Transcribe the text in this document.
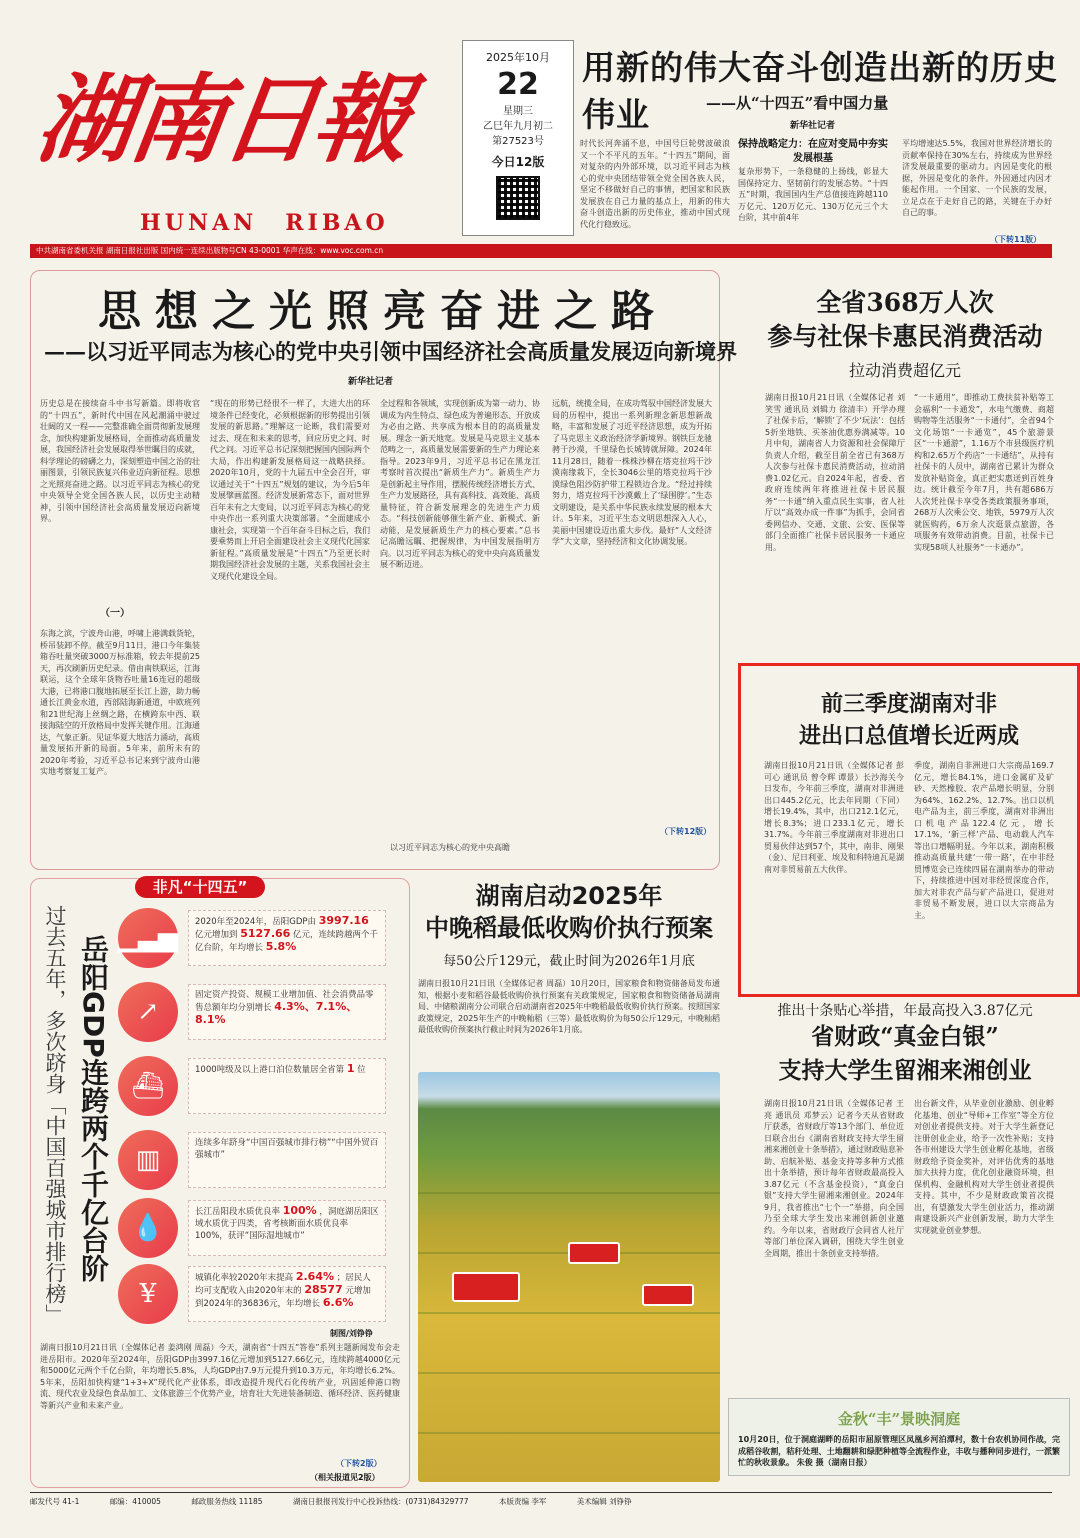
湖南日報
HUNAN RIBAO
2025年10月
22
星期三
乙巳年九月初二
第27523号
今日12版
中共湖南省委机关报 湖南日报社出版 国内统一连续出版物号CN 43-0001 华声在线：www.voc.com.cn
用新的伟大奋斗创造出新的历史伟业	——从“十四五”看中国力量
新华社记者
时代长河奔涌不息，中国号巨轮劈波破浪又一个不平凡的五年。“十四五”期间，面对复杂的内外部环境，以习近平同志为核心的党中央团结带领全党全国各族人民，坚定不移做好自己的事情，把国家和民族发展放在自己力量的基点上，用新的伟大奋斗创造出新的历史伟业，推动中国式现代化行稳致远。
保持战略定力：在应对变局中夯实发展根基
复杂形势下，一条稳健的上扬线，彰显大国保持定力、坚韧前行的发展态势。“十四五”时期，我国国内生产总值接连跨越110万亿元、120万亿元、130万亿元三个大台阶，其中前4年
平均增速达5.5%，我国对世界经济增长的贡献率保持在30%左右，持续成为世界经济发展最重要的驱动力。内因是变化的根据，外因是变化的条件。外因通过内因才能起作用。一个国家、一个民族的发展，立足点在于走好自己的路，关键在于办好自己的事。
（下转11版）
思想之光照亮奋进之路
——以习近平同志为核心的党中央引领中国经济社会高质量发展迈向新境界
新华社记者
历史总是在接续奋斗中书写新篇。即将收官的“十四五”，新时代中国在风起潮涌中驶过壮阔的又一程——完整准确全面贯彻新发展理念，加快构建新发展格局，全面推动高质量发展，我国经济社会发展取得举世瞩目的成就，科学理论的磅礴之力，深刻塑造中国之治的壮丽图景，引领民族复兴伟业迈向新征程。思想之光照亮奋进之路。以习近平同志为核心的党中央领导全党全国各族人民，以历史主动精神，引领中国经济社会高质量发展迈向新境界。
（一）
东海之滨，宁波舟山港，呼啸上港满载货轮，桥吊装卸不停。截至9月11日，港口今年集装箱吞吐量突破3000万标准箱，较去年提前25天，再次刷新历史纪录。借由南铁联运，江海联运，这个全球年货物吞吐量16连冠的超级大港，已将港口腹地拓展至长江上游，助力畅通长江黄金水道，西部陆海新通道，中欧班列和21世纪海上丝绸之路，在横跨东中西、联接海陆空的开放格局中发挥关键作用。江海通达，气象正新。见证华夏大地活力涌动，高质量发展拓开新的局面。5年来，前所未有的2020年考验，习近平总书记来到宁波舟山港实地考察复工复产。
“现在的形势已经很不一样了，大进大出的环境条件已经变化，必须根据新的形势提出引领发展的新思路。”理解这一论断，我们需要对过去、现在和未来的思考，回应历史之问、时代之问。习近平总书记深刻把握国内国际两个大局，作出构建新发展格局这一战略抉择。2020年10月，党的十九届五中全会召开，审议通过关于“十四五”规划的建议，为今后5年发展擘画蓝图。经济发展新常态下，面对世界百年未有之大变局，以习近平同志为核心的党中央作出一系列重大决策部署。“全面建成小康社会，实现第一个百年奋斗目标之后，我们要乘势而上开启全面建设社会主义现代化国家新征程。”高质量发展是“十四五”乃至更长时期我国经济社会发展的主题，关系我国社会主义现代化建设全局。
全过程和各领域，实现创新成为第一动力、协调成为内生特点、绿色成为普遍形态、开放成为必由之路、共享成为根本目的的高质量发展。理念一新天地宽。发展是马克思主义基本范畴之一，高质量发展需要新的生产力理论来指导。2023年9月，习近平总书记在黑龙江考察时首次提出“新质生产力”。新质生产力是创新起主导作用，摆脱传统经济增长方式、生产力发展路径，具有高科技、高效能、高质量特征，符合新发展理念的先进生产力质态。“科技创新能够催生新产业、新模式、新动能，是发展新质生产力的核心要素。”总书记高瞻远瞩、把握规律，为中国发展指明方向。以习近平同志为核心的党中央向高质量发展不断迈进。
远航，统揽全局，在成功驾驭中国经济发展大局的历程中，提出一系列新理念新思想新战略，丰富和发展了习近平经济思想，成为开拓了马克思主义政治经济学新境界。钢铁巨龙驰骋于沙漠，千里绿色长城铸就屏障。2024年11月28日，随着一株株沙柳在塔克拉玛干沙漠南缘栽下，全长3046公里的塔克拉玛干沙漠绿色阻沙防护带工程锁边合龙。“经过持续努力，塔克拉玛干沙漠戴上了‘绿围脖’。”生态文明建设，是关系中华民族永续发展的根本大计。5年来，习近平生态文明思想深入人心，美丽中国建设迈出重大步伐。最好“人文经济学”大文章，坚持经济和文化协调发展。
（下转12版）
以习近平同志为核心的党中央高瞻
全省368万人次
参与社保卡惠民消费活动
拉动消费超亿元
湖南日报10月21日讯（全媒体记者 刘笑雪 通讯员 刘辑力 徐清丰）开学办理了社保卡后，‘解锁’了不少‘玩法’：包括5折坐地铁、买茶油优惠券满减等。10月中旬，湖南省人力资源和社会保障厅负责人介绍，截至目前全省已有368万人次参与社保卡惠民消费活动，拉动消费1.02亿元。自2024年起，省委、省政府连续两年将推进社保卡居民服务“一卡通”纳入重点民生实事，省人社厅以“高效办成一件事”为抓手，会同省委网信办、交通、文旅、公安、医保等部门全面推广社保卡居民服务一卡通应用。
“一卡通用”，即推动工费扶贫补贴等工会福利“一卡通发”，水电气缴费、商超购物等生活服务“一卡通付”，全省94个文化场馆“一卡通览”，45个旅游景区“一卡通游”，1.16万个市县级医疗机构和2.65万个药店“一卡通结”，从持有社保卡的人员中，湖南省已累计为群众发放补贴资金，真正把实惠送到百姓身边。统计截至今年7月，共有超686万人次凭社保卡享受各类政策服务事项，268万人次乘公交、地铁，5979万人次就医购药，6万余人次逛景点旅游，各项服务有效带动消费。目前，社保卡已实现58项人社服务“一卡通办”。
前三季度湖南对非
进出口总值增长近两成
湖南日报10月21日讯（全媒体记者 彭可心 通讯员 曾令辉 谭景）长沙海关今日发布，今年前三季度，湖南对非洲进出口445.2亿元，比去年同期（下同）增长19.4%，其中，出口212.1亿元，增长8.3%；进口233.1亿元，增长31.7%。今年前三季度湖南对非进出口贸易伙伴达到57个，其中，南非、刚果（金）、尼日利亚、埃及和科特迪瓦是湖南对非贸易前五大伙伴。
季度，湖南自非洲进口大宗商品169.7亿元，增长84.1%，进口金属矿及矿砂、天然橡胶、农产品增长明显，分别为64%、162.2%、12.7%。出口以机电产品为主，前三季度，湖南对非洲出口机电产品122.4亿元，增长17.1%，‘新三样’产品、电动载人汽车等出口增幅明显。今年以来，湖南积极推动高质量共建‘一带一路’，在中非经贸博览会已连续四届在湖南举办的带动下，持续推进中国对非经贸深度合作，加大对非农产品与矿产品进口，促进对非贸易不断发展，进口以大宗商品为主。
推出十条贴心举措，年最高投入3.87亿元
省财政“真金白银”
支持大学生留湘来湘创业
湖南日报10月21日讯（全媒体记者 王亮 通讯员 邓梦云）记者今天从省财政厅获悉，省财政厅等13个部门、单位近日联合出台《湖南省财政支持大学生留湘来湘创业十条举措》，通过财政贴息补助、启航补贴、基金支持等多种方式推出十条举措，预计每年省财政最高投入3.87亿元（不含基金投资），“真金白银”支持大学生留湘来湘创业。2024年9月，我省推出“七个一”举措，向全国乃至全球大学生发出来湘创新创业邀约。今年以来，省财政厅会同省人社厅等部门单位深入调研，围绕大学生创业全周期，推出十条创业支持举措。
出台新文件，从毕业创业激励、创业孵化基地、创业“导师+工作室”等全方位对创业者提供支持。对于大学生新登记注册创业企业，给予一次性补贴；支持各市州建设大学生创业孵化基地，省级财政给予资金奖补，对评估优秀的基地加大扶持力度，优化创业融资环境，担保机构、金融机构对大学生创业者提供支持。其中，不少是财政政策首次提出，有望激发大学生创业活力，推动湖南建设新兴产业创新发展，助力大学生实现就业创业梦想。
金秋“丰”景映洞庭
10月20日，位于洞庭湖畔的岳阳市屈原管理区凤凰乡河泊潭村，数十台农机协同作战，完成稻谷收割，秸秆处理、土地翻耕和绿肥种植等全流程作业，丰收与播种同步进行，一派繁忙的秋收景象。 朱俊 摄（湖南日报）
湖南启动2025年
中晚稻最低收购价执行预案
每50公斤129元，截止时间为2026年1月底
湖南日报10月21日讯（全媒体记者 周磊）10月20日，国家粮食和物资储备局发布通知，根据小麦和稻谷最低收购价执行预案有关政策规定，国家粮食和物资储备局湖南局、中储粮湖南分公司联合启动湖南省2025年中晚稻最低收购价执行预案。按照国家政策规定，2025年生产的中晚籼稻（三等）最低收购价为每50公斤129元，中晚籼稻最低收购价预案执行截止时间为2026年1月底。
非凡“十四五”
过去五年，多次跻身「中国百强城市排行榜」 岳阳GDP连跨两个千亿台阶 ▁▃▅
2020年至2024年，岳阳GDP由 3997.16 亿元增加到 5127.66 亿元，连续跨越两个千亿台阶，年均增长 5.8%
↗
固定资产投资、规模工业增加值、社会消费品零售总额年均分别增长 4.3%、7.1%、8.1%
⛴
1000吨级及以上港口泊位数量居全省第 1 位
▥
连续多年跻身“中国百强城市排行榜”“中国外贸百强城市”
💧
长江岳阳段水质优良率 100% ，洞庭湖岳阳区域水质优于四类，省考核断面水质优良率100%，获评“国际湿地城市”
¥
城镇化率较2020年末提高 2.64% ；居民人均可支配收入由2020年末的 28577 元增加到2024年的36836元，年均增长 6.6%
制图/刘铮铮
湖南日报10月21日讯（全媒体记者 姜鸿刚 周磊）今天，湖南省“十四五”答卷”系列主题新闻发布会走进岳阳市。2020年至2024年，岳阳GDP由3997.16亿元增加到5127.66亿元，连续跨越4000亿元和5000亿元两个千亿台阶，年均增长5.8%，人均GDP由7.9万元提升到10.3万元，年均增长6.2%。5年来，岳阳加快构建“1+3+X”现代化产业体系，即改造提升现代石化传统产业，巩固延伸港口物流、现代农业及绿色食品加工、文体旅游三个优势产业，培育壮大先进装备制造、循环经济、医药健康等新兴产业和未来产业。
（下转2版）
（相关报道见2版）
邮发代号 41-1	邮编：410005	邮政服务热线 11185	湖南日报报刊发行中心投诉热线：(0731)84329777	本版责编 李军	美术编辑 刘铮铮
